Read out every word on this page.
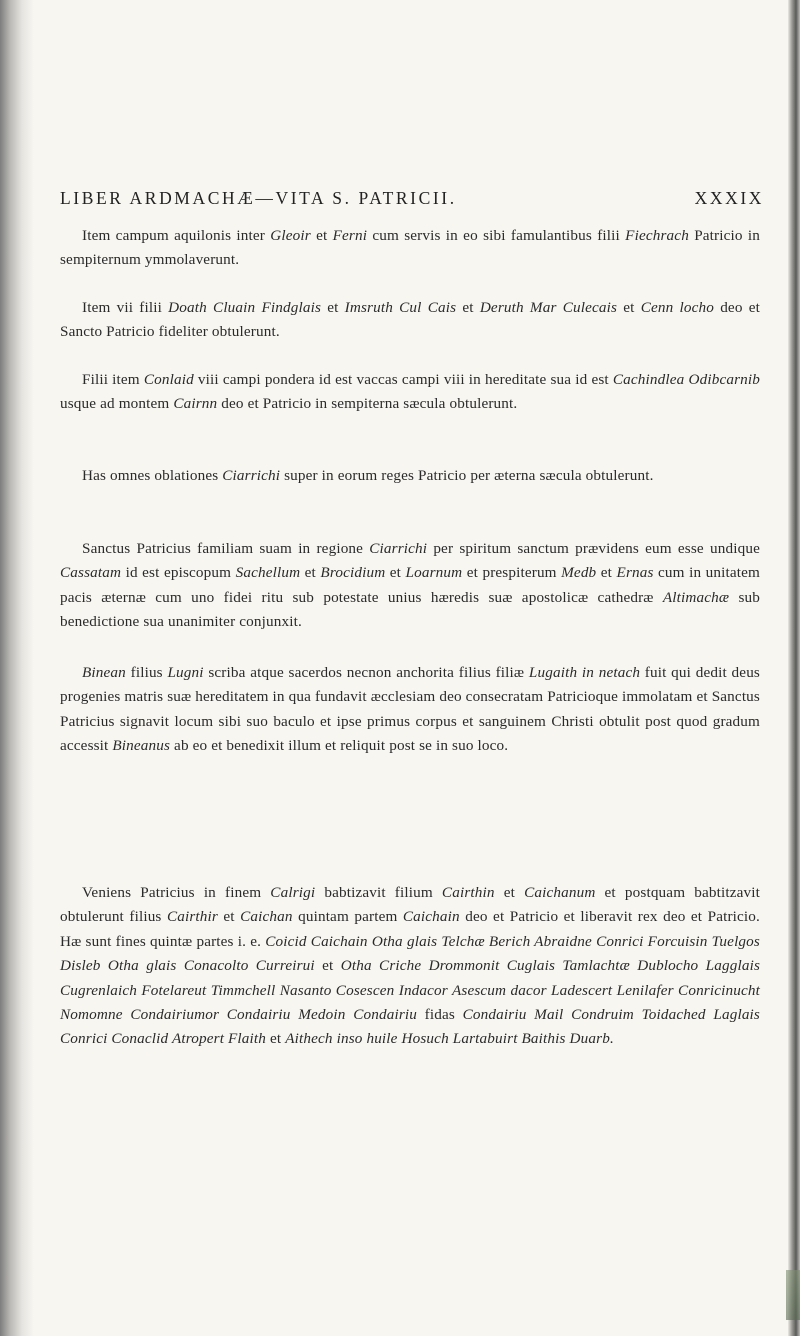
LIBER ARDMACHÆ—VITA S. PATRICII.	XXXIX

Item campum aquilonis inter Gleoir et Ferni cum servis in eo sibi famulantibus filii Fiechrach Patricio in sempiternum ymmolaverunt.

Item vii filii Doath Cluain Findglais et Imsruth Cul Cais et Deruth Mar Culecais et Cenn locho deo et Sancto Patricio fideliter obtulerunt.

Filii item Conlaid viii campi pondera id est vaccas campi viii in hereditate sua id est Cachindlea Odibcarnib usque ad montem Cairnn deo et Patricio in sempiterna sæcula obtulerunt.

Has omnes oblationes Ciarrichi super in eorum reges Patricio per æterna sæcula obtulerunt.

Sanctus Patricius familiam suam in regione Ciarrichi per spiritum sanctum prævidens eum esse undique Cassatam id est episcopum Sachellum et Brocidium et Loarnum et prespiterum Medb et Ernas cum in unitatem pacis æternæ cum uno fidei ritu sub potestate unius hæredis suæ apostolicæ cathedræ Altimachæ sub benedictione sua unanimiter conjunxit.

Binean filius Lugni scriba atque sacerdos necnon anchorita filius filiæ Lugaith in netach fuit qui dedit deus progenies matris suæ hereditatem in qua fundavit æcclesiam deo consecratam Patricioque immolatam et Sanctus Patricius signavit locum sibi suo baculo et ipse primus corpus et sanguinem Christi obtulit post quod gradum accessit Bineanus ab eo et benedixit illum et reliquit post se in suo loco.

Veniens Patricius in finem Calrigi babtizavit filium Cairthin et Caichanum et postquam babtitzavit obtulerunt filius Cairthir et Caichan quintam partem Caichain deo et Patricio et liberavit rex deo et Patricio. Hæ sunt fines quintæ partes i. e. Coicid Caichain Otha glais Telchæ Berich Abraidne Conrici Forcuisin Tuelgos Disleb Otha glais Conacolto Curreirui et Otha Criche Drommonit Cuglais Tamlachtæ Dublocho Lagglais Cugrenlaich Fotelareut Timmchell Nasanto Cosescen Indacor Asescum dacor Ladescert Lenilafer Conricinucht Nomomne Condairiumor Condairiu Medoin Condairiu fidas Condairiu Mail Condruim Toidached Laglais Conrici Conaclid Atropert Flaith et Aithech inso huile Hosuch Lartabuirt Baithis Duarb.
